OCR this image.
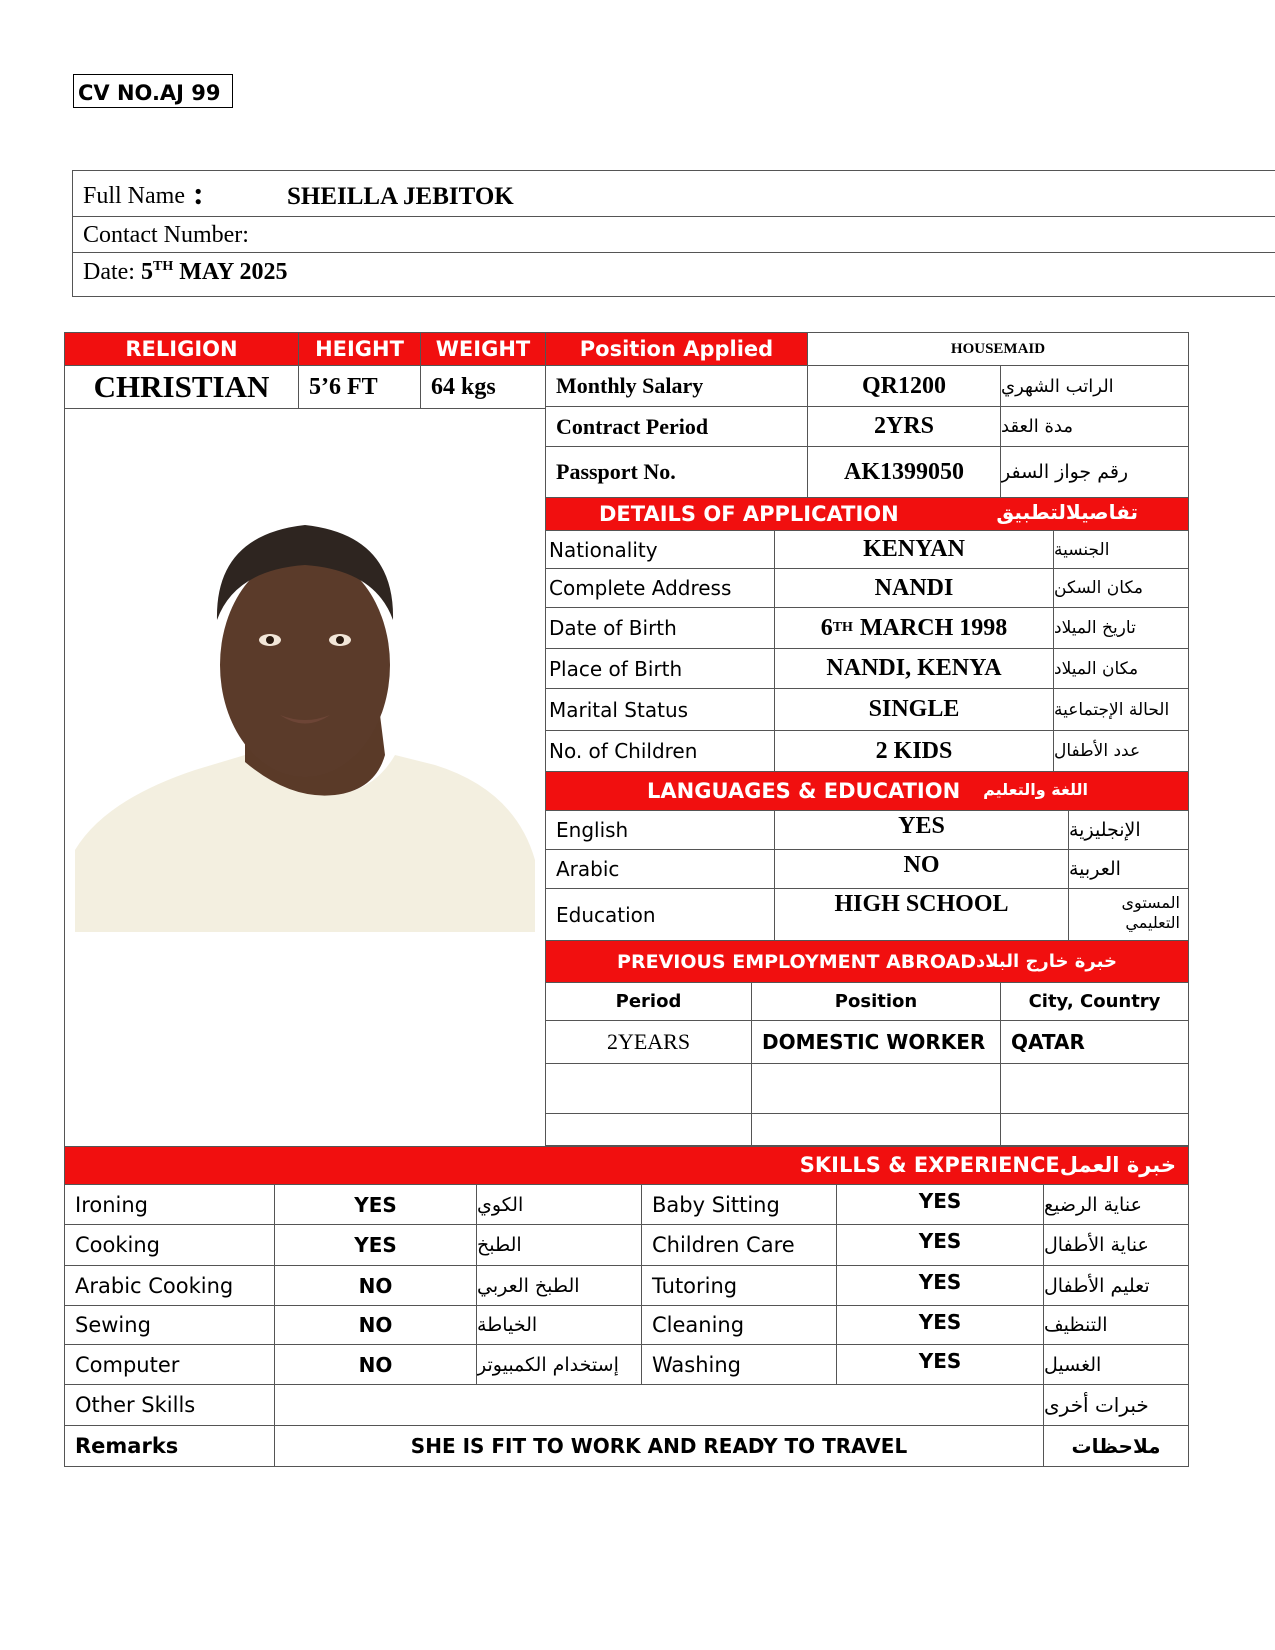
CV NO.AJ 99
Full Name :	SHEILLA JEBITOK
Contact Number:
Date: 5TH MAY 2025
RELIGION	HEIGHT	WEIGHT
CHRISTIAN	5’6 FT	64 kgs
Position Applied	HOUSEMAID
Monthly Salary	QR1200	الراتب الشهري
Contract Period	2YRS	مدة العقد
Passport No.	AK1399050	رقم جواز السفر
DETAILS OF APPLICATION	تفاصيلالتطبيق
Nationality	KENYAN	الجنسية
Complete Address	NANDI	مكان السكن
Date of Birth	6 TH MARCH 1998	تاريخ الميلاد
Place of Birth	NANDI, KENYA	مكان الميلاد
Marital Status	SINGLE	الحالة الإجتماعية
No. of Children	2 KIDS	عدد الأطفال
LANGUAGES & EDUCATION اللغة والتعليم
English	YES	الإنجليزية
Arabic	NO	العربية
Education	HIGH SCHOOL	المستوى
التعليمي
PREVIOUS EMPLOYMENT ABROAD خبرة خارج البلاد
Period	Position	City, Country
2YEARS	DOMESTIC WORKER	QATAR
SKILLS & EXPERIENCEخبرة العمل
Ironing	YES	الكوي	Baby Sitting	YES	عناية الرضيع
Cooking	YES	الطبخ	Children Care	YES	عناية الأطفال
Arabic Cooking	NO	الطبخ العربي	Tutoring	YES	تعليم الأطفال
Sewing	NO	الخياطة	Cleaning	YES	التنظيف
Computer	NO	إستخدام الكمبيوتر	Washing	YES	الغسيل
Other Skills	خبرات أخرى
Remarks	SHE IS FIT TO WORK AND READY TO TRAVEL	ملاحظات
